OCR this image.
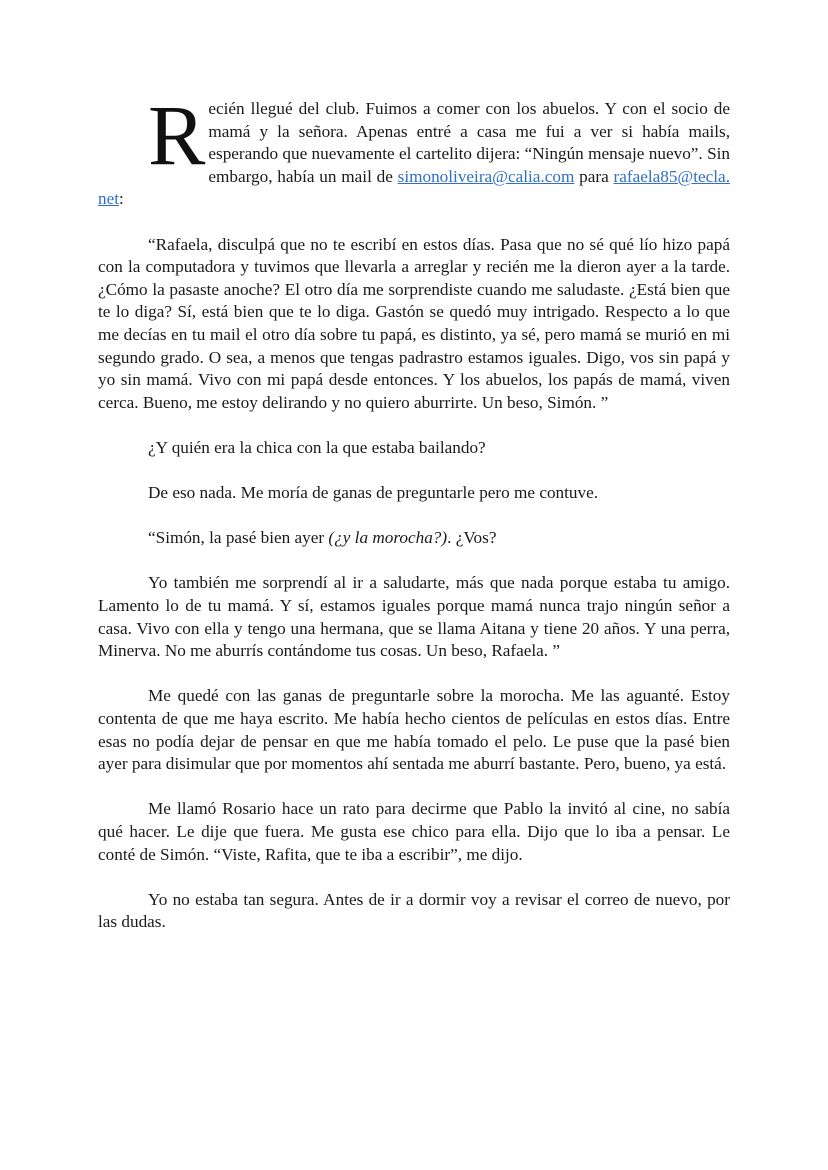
Recién llegué del club. Fuimos a comer con los abuelos. Y con el socio de mamá y la señora. Apenas entré a casa me fui a ver si había mails, esperando que nuevamente el cartelito dijera: “Ningún mensaje nuevo”. Sin embargo, había un mail de simonoliveira@calia.com para rafaela85@tecla. net:

“Rafaela, disculpá que no te escribí en estos días. Pasa que no sé qué lío hizo papá con la computadora y tuvimos que llevarla a arreglar y recién me la dieron ayer a la tarde. ¿Cómo la pasaste anoche? El otro día me sorprendiste cuando me saludaste. ¿Está bien que te lo diga? Sí, está bien que te lo diga. Gastón se quedó muy intrigado. Respecto a lo que me decías en tu mail el otro día sobre tu papá, es distinto, ya sé, pero mamá se murió en mi segundo grado. O sea, a menos que tengas padrastro estamos iguales. Digo, vos sin papá y yo sin mamá. Vivo con mi papá desde entonces. Y los abuelos, los papás de mamá, viven cerca. Bueno, me estoy delirando y no quiero aburrirte. Un beso, Simón. ”

¿Y quién era la chica con la que estaba bailando?

De eso nada. Me moría de ganas de preguntarle pero me contuve.

“Simón, la pasé bien ayer (¿y la morocha?). ¿Vos?

Yo también me sorprendí al ir a saludarte, más que nada porque estaba tu amigo. Lamento lo de tu mamá. Y sí, estamos iguales porque mamá nunca trajo ningún señor a casa. Vivo con ella y tengo una hermana, que se llama Aitana y tiene 20 años. Y una perra, Minerva. No me aburrís contándome tus cosas. Un beso, Rafaela. ”

Me quedé con las ganas de preguntarle sobre la morocha. Me las aguanté. Estoy contenta de que me haya escrito. Me había hecho cientos de películas en estos días. Entre esas no podía dejar de pensar en que me había tomado el pelo. Le puse que la pasé bien ayer para disimular que por momentos ahí sentada me aburrí bastante. Pero, bueno, ya está.

Me llamó Rosario hace un rato para decirme que Pablo la invitó al cine, no sabía qué hacer. Le dije que fuera. Me gusta ese chico para ella. Dijo que lo iba a pensar. Le conté de Simón. “Viste, Rafita, que te iba a escribir”, me dijo.

Yo no estaba tan segura. Antes de ir a dormir voy a revisar el correo de nuevo, por las dudas.
